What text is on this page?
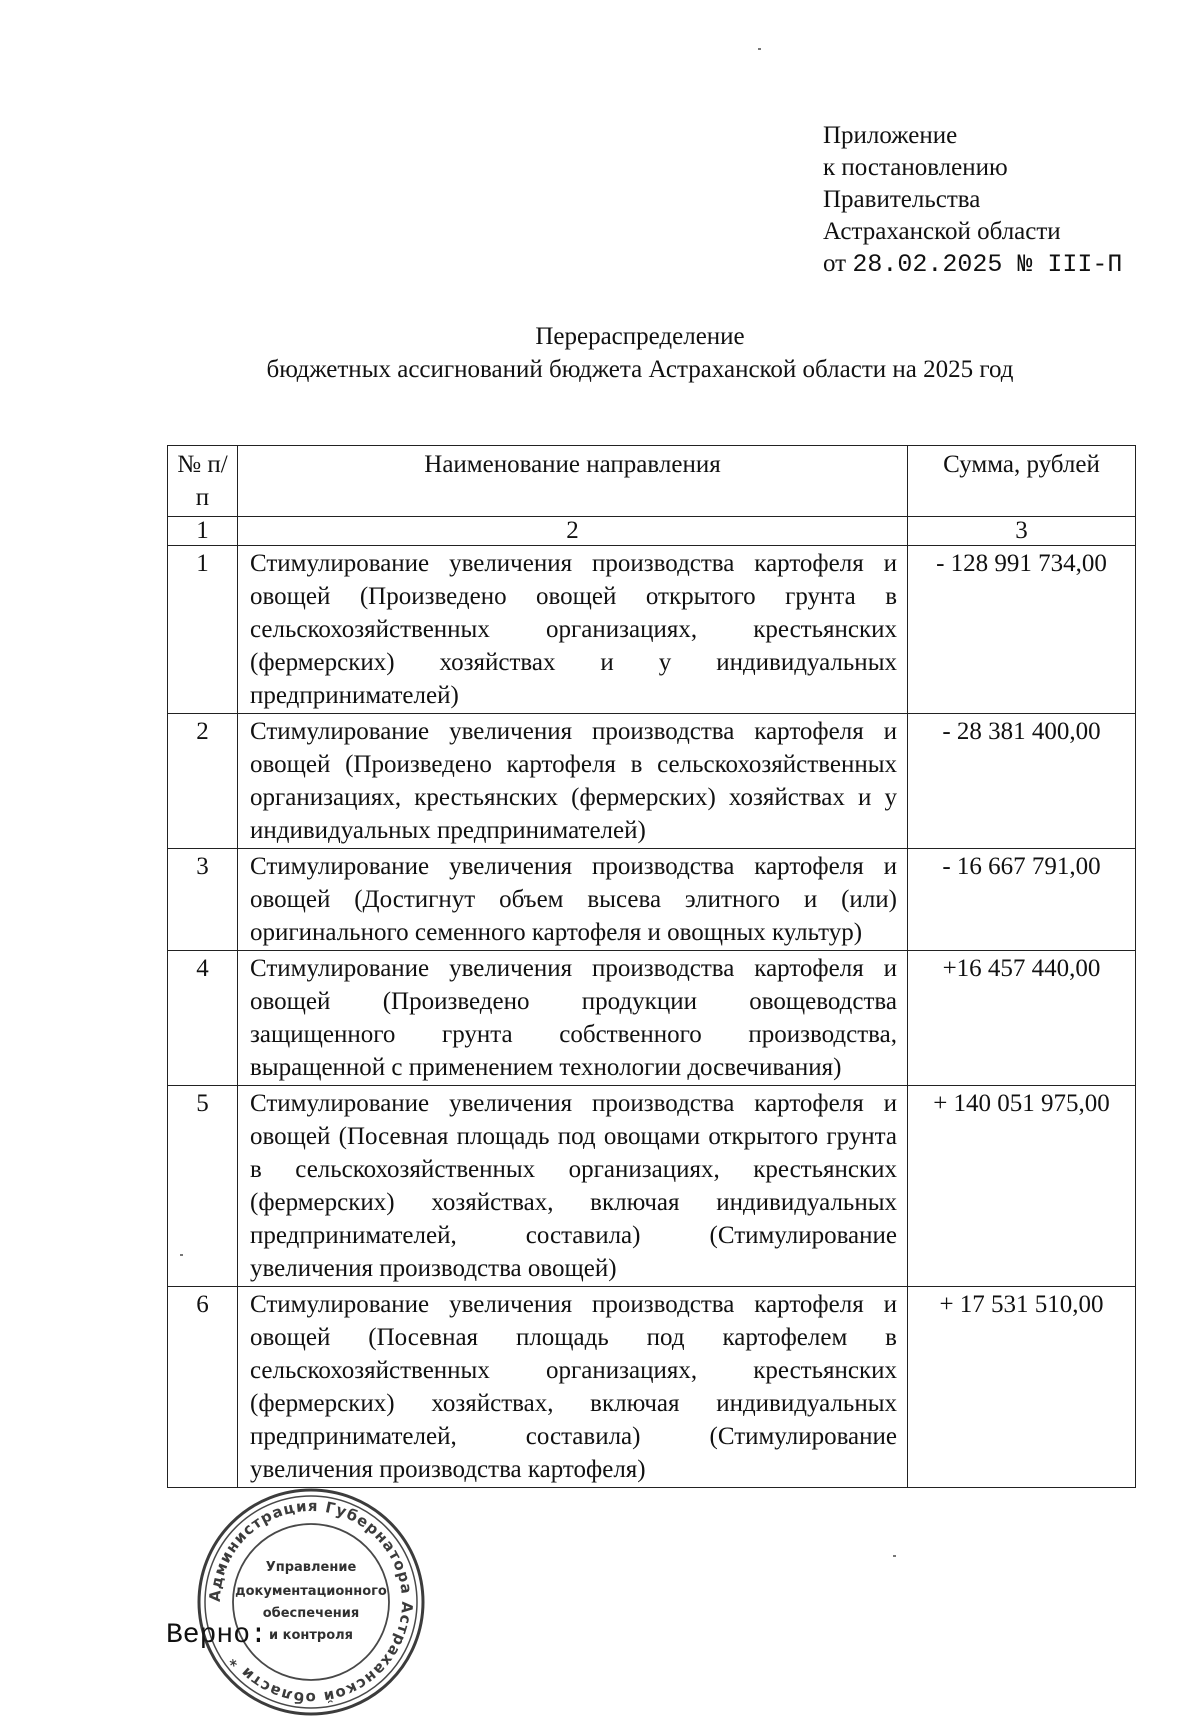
Приложение
к постановлению
Правительства
Астраханской области
от 28.02.2025 № III-П
Перераспределение
бюджетных ассигнований бюджета Астраханской области на 2025 год
№ п/п	Наименование направления	Сумма, рублей
1	2	3
1	Стимулирование увеличения производства картофеля и овощей (Произведено овощей открытого грунта в сельскохозяйственных организациях, крестьянских (фермерских) хозяйствах и у индивидуальных предпринимателей)	- 128 991 734,00
2	Стимулирование увеличения производства картофеля и овощей (Произведено картофеля в сельскохозяйственных организациях, крестьянских (фермерских) хозяйствах и у индивидуальных предпринимателей)	- 28 381 400,00
3	Стимулирование увеличения производства картофеля и овощей (Достигнут объем высева элитного и (или) оригинального семенного картофеля и овощных культур)	- 16 667 791,00
4	Стимулирование увеличения производства картофеля и овощей (Произведено продукции овощеводства защищенного грунта собственного производства, выращенной с применением технологии досвечивания)	+16 457 440,00
5	Стимулирование увеличения производства картофеля и овощей (Посевная площадь под овощами открытого грунта в сельскохозяйственных организациях, крестьянских (фермерских) хозяйствах, включая индивидуальных предпринимателей, составила) (Стимулирование увеличения производства овощей)	+ 140 051 975,00
6	Стимулирование увеличения производства картофеля и овощей (Посевная площадь под картофелем в сельскохозяйственных организациях, крестьянских (фермерских) хозяйствах, включая индивидуальных предпринимателей, составила) (Стимулирование увеличения производства картофеля)	+ 17 531 510,00
Верно:
Администрация Губернатора Астраханской области *
Управление
документационного
обеспечения
и контроля
